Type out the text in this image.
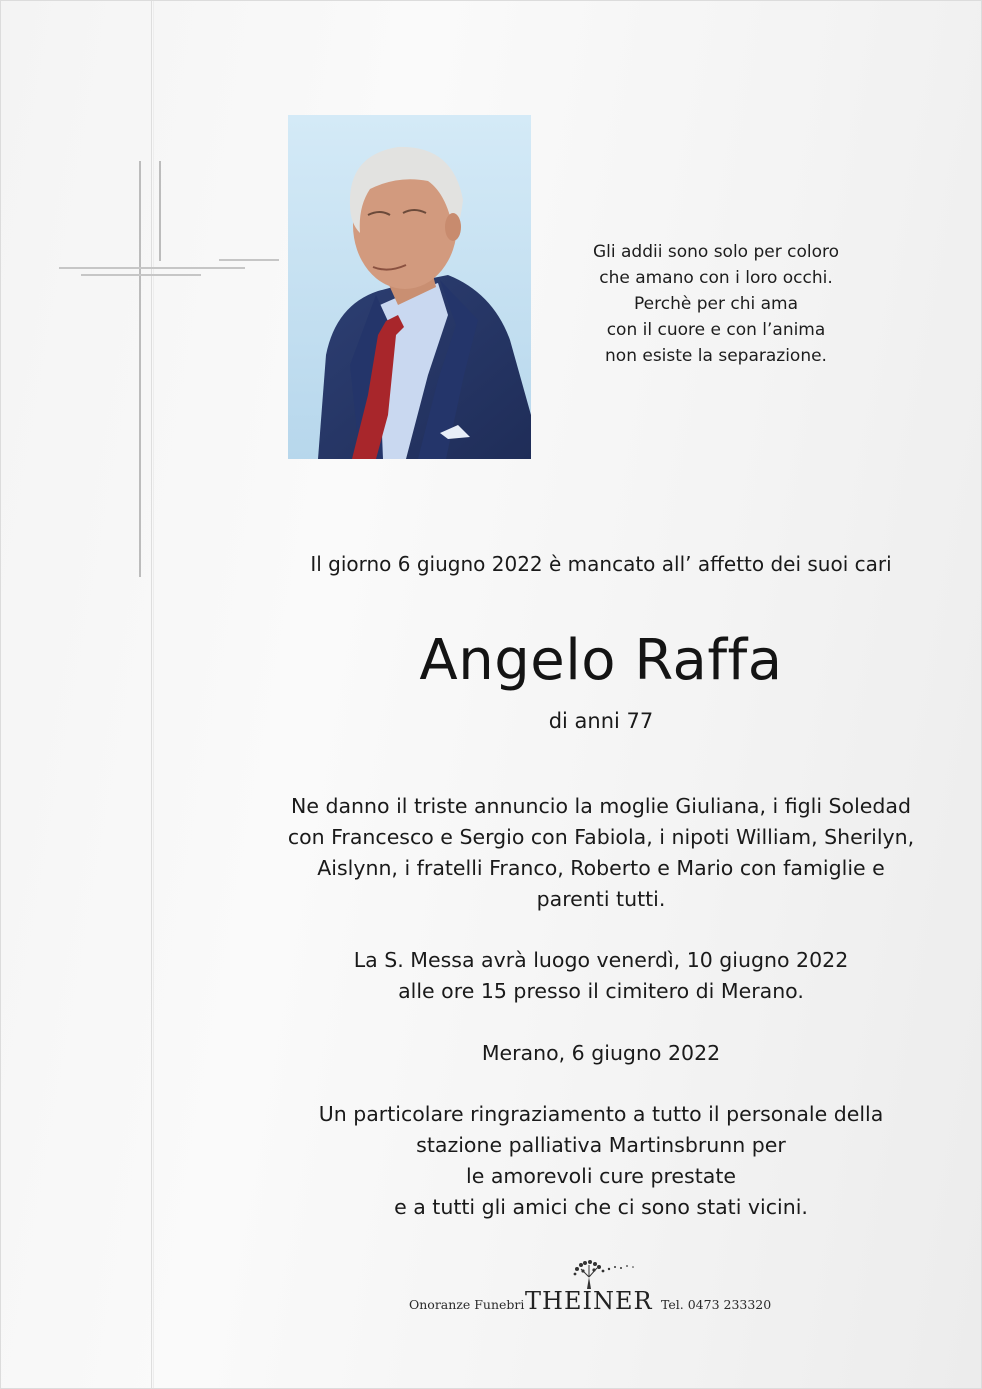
Gli addii sono solo per coloro
che amano con i loro occhi.
Perchè per chi ama
con il cuore e con l’anima
non esiste la separazione.
Il giorno 6 giugno 2022 è mancato all’ affetto dei suoi cari
Angelo Raffa
di anni 77
Ne danno il triste annuncio la moglie Giuliana, i figli Soledad
con Francesco e Sergio con Fabiola, i nipoti William, Sherilyn,
Aislynn, i fratelli Franco, Roberto e Mario con famiglie e
parenti tutti.
La S. Messa avrà luogo venerdì, 10 giugno 2022
alle ore 15 presso il cimitero di Merano.
Merano, 6 giugno 2022
Un particolare ringraziamento a tutto il personale della
stazione palliativa Martinsbrunn per
le amorevoli cure prestate
e a tutti gli amici che ci sono stati vicini.
Onoranze Funebri THEINER Tel. 0473 233320
